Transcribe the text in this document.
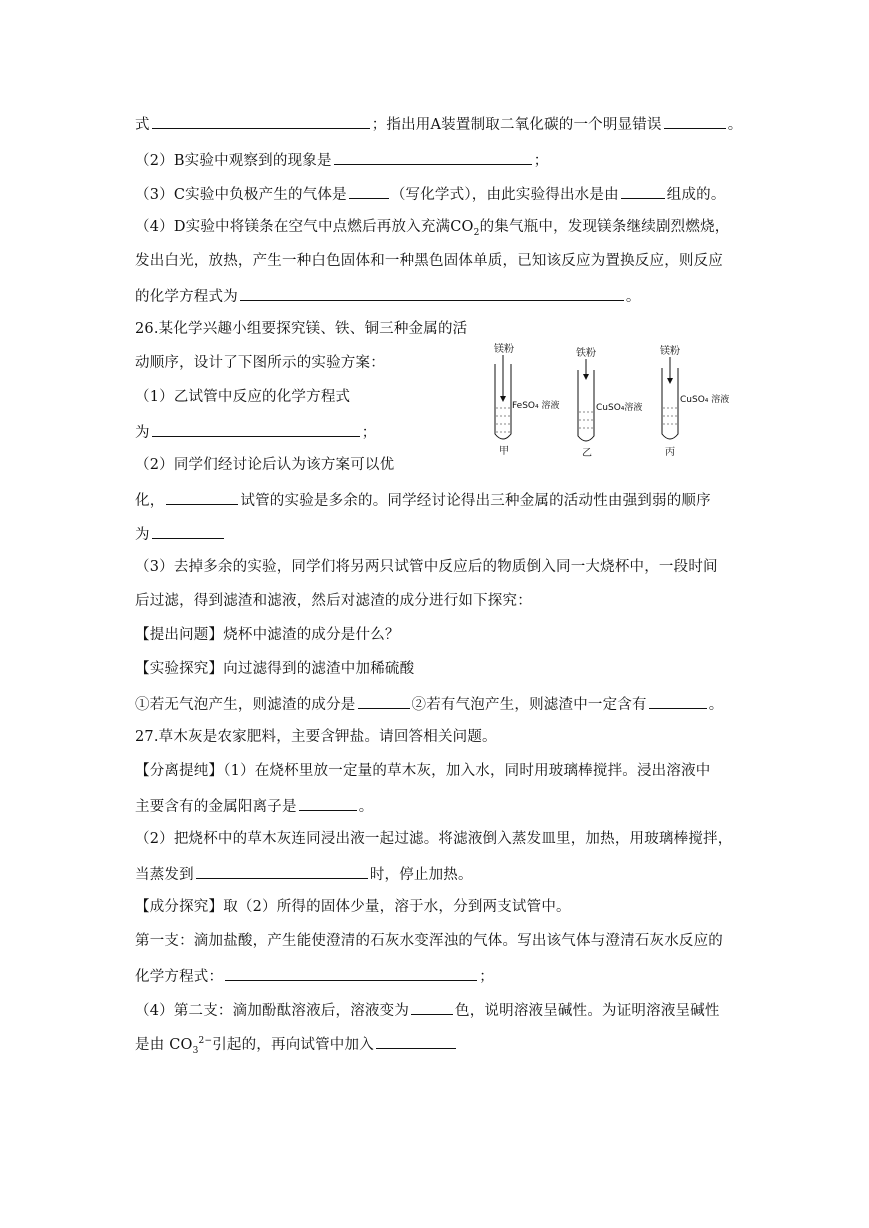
式	；指出用A装置制取二氧化碳的一个明显错误	。
（2）B实验中观察到的现象是	；
（3）C实验中负极产生的气体是	（写化学式），由此实验得出水是由	组成的。
（4）D实验中将镁条在空气中点燃后再放入充满$CO_2$的集气瓶中，发现镁条继续剧烈燃烧，
发出白光，放热，产生一种白色固体和一种黑色固体单质，已知该反应为置换反应，则反应
的化学方程式为	。
26.某化学兴趣小组要探究镁、铁、铜三种金属的活
动顺序，设计了下图所示的实验方案：
（1）乙试管中反应的化学方程式
为	；
（2）同学们经讨论后认为该方案可以优
化，	试管的实验是多余的。同学经讨论得出三种金属的活动性由强到弱的顺序
为
（3）去掉多余的实验，同学们将另两只试管中反应后的物质倒入同一大烧杯中，一段时间
后过滤，得到滤渣和滤液，然后对滤渣的成分进行如下探究：
【提出问题】烧杯中滤渣的成分是什么？
【实验探究】向过滤得到的滤渣中加稀硫酸
①若无气泡产生，则滤渣的成分是	②若有气泡产生，则滤渣中一定含有	。
镁粉
FeSO₄ 溶液
甲
铁粉
CuSO₄溶液
乙
镁粉
CuSO₄ 溶液
丙
27.草木灰是农家肥料，主要含钾盐。请回答相关问题。
【分离提纯】（1）在烧杯里放一定量的草木灰，加入水，同时用玻璃棒搅拌。浸出溶液中
主要含有的金属阳离子是	。
（2）把烧杯中的草木灰连同浸出液一起过滤。将滤液倒入蒸发皿里，加热，用玻璃棒搅拌，
当蒸发到	时，停止加热。
【成分探究】取（2）所得的固体少量，溶于水，分到两支试管中。
第一支：滴加盐酸，产生能使澄清的石灰水变浑浊的气体。写出该气体与澄清石灰水反应的
化学方程式：	；
（4）第二支：滴加酚酞溶液后，溶液变为	色，说明溶液呈碱性。为证明溶液呈碱性
是由 $CO_3^{2-}$引起的，再向试管中加入
